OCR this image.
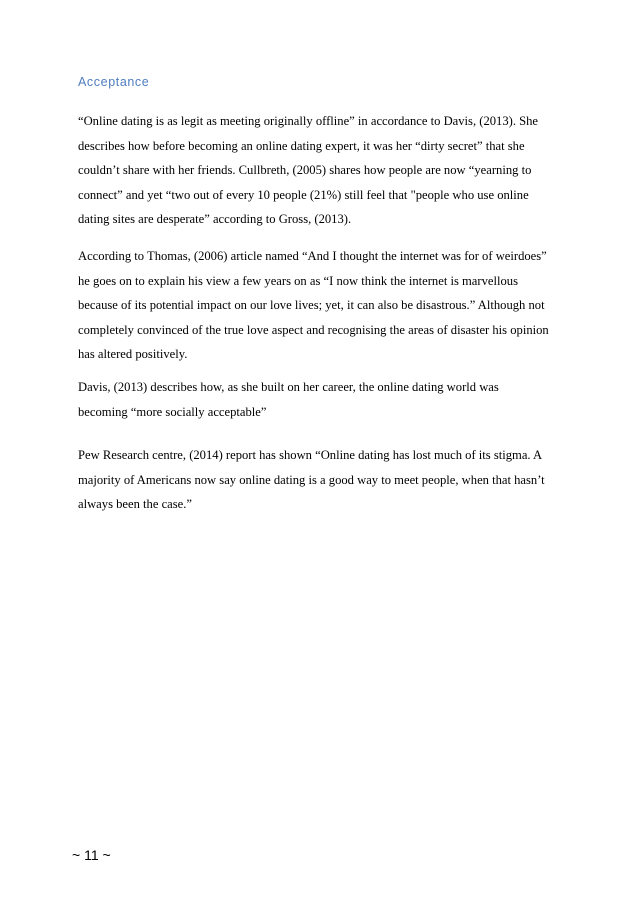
Acceptance

“Online dating is as legit as meeting originally offline” in accordance to Davis, (2013). She
describes how before becoming an online dating expert, it was her “dirty secret” that she
couldn’t share with her friends. Cullbreth, (2005) shares how people are now “yearning to
connect” and yet “two out of every 10 people (21%) still feel that "people who use online
dating sites are desperate” according to Gross, (2013).

According to Thomas, (2006) article named “And I thought the internet was for of weirdoes”
he goes on to explain his view a few years on as “I now think the internet is marvellous
because of its potential impact on our love lives; yet, it can also be disastrous.” Although not
completely convinced of the true love aspect and recognising the areas of disaster his opinion
has altered positively.

Davis, (2013) describes how, as she built on her career, the online dating world was
becoming “more socially acceptable”

Pew Research centre, (2014) report has shown “Online dating has lost much of its stigma. A
majority of Americans now say online dating is a good way to meet people, when that hasn’t
always been the case.”

~ 11 ~
